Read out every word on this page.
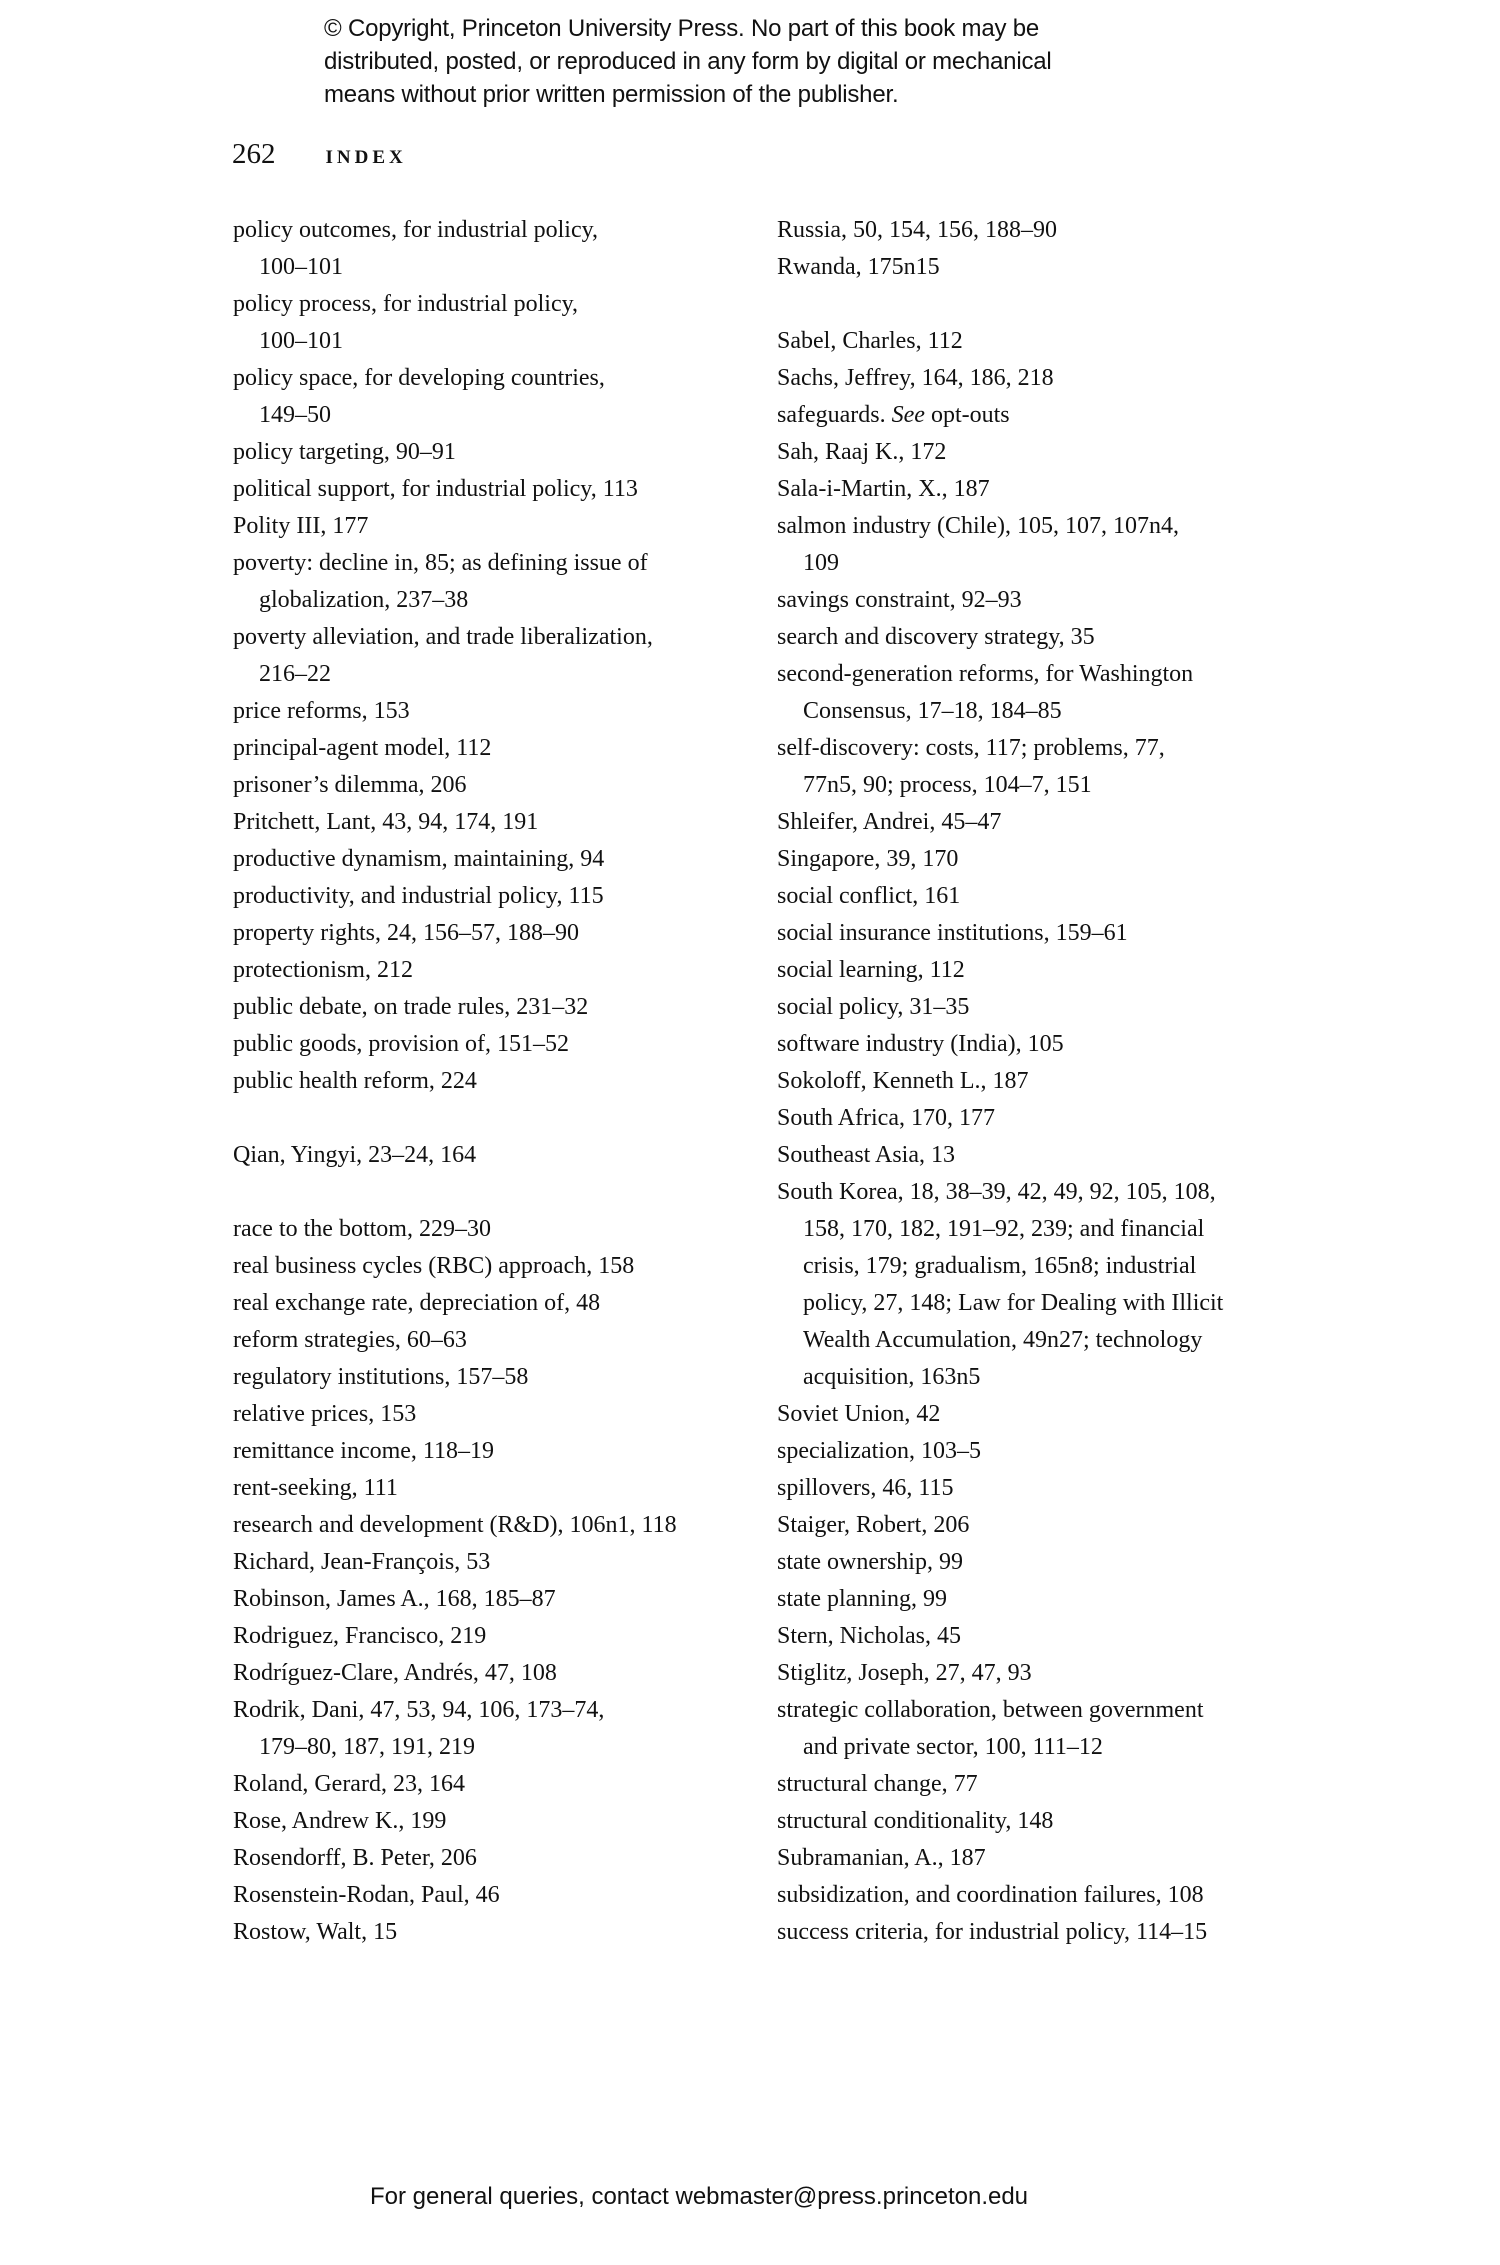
© Copyright, Princeton University Press. No part of this book may be
distributed, posted, or reproduced in any form by digital or mechanical
means without prior written permission of the publisher.
262	INDEX
policy outcomes, for industrial policy,
100–101
policy process, for industrial policy,
100–101
policy space, for developing countries,
149–50
policy targeting, 90–91
political support, for industrial policy, 113
Polity III, 177
poverty: decline in, 85; as defining issue of
globalization, 237–38
poverty alleviation, and trade liberalization,
216–22
price reforms, 153
principal-agent model, 112
prisoner’s dilemma, 206
Pritchett, Lant, 43, 94, 174, 191
productive dynamism, maintaining, 94
productivity, and industrial policy, 115
property rights, 24, 156–57, 188–90
protectionism, 212
public debate, on trade rules, 231–32
public goods, provision of, 151–52
public health reform, 224
Qian, Yingyi, 23–24, 164
race to the bottom, 229–30
real business cycles (RBC) approach, 158
real exchange rate, depreciation of, 48
reform strategies, 60–63
regulatory institutions, 157–58
relative prices, 153
remittance income, 118–19
rent-seeking, 111
research and development (R&D), 106n1, 118
Richard, Jean-François, 53
Robinson, James A., 168, 185–87
Rodriguez, Francisco, 219
Rodríguez-Clare, Andrés, 47, 108
Rodrik, Dani, 47, 53, 94, 106, 173–74,
179–80, 187, 191, 219
Roland, Gerard, 23, 164
Rose, Andrew K., 199
Rosendorff, B. Peter, 206
Rosenstein-Rodan, Paul, 46
Rostow, Walt, 15
Russia, 50, 154, 156, 188–90
Rwanda, 175n15
Sabel, Charles, 112
Sachs, Jeffrey, 164, 186, 218
safeguards. See opt-outs
Sah, Raaj K., 172
Sala-i-Martin, X., 187
salmon industry (Chile), 105, 107, 107n4,
109
savings constraint, 92–93
search and discovery strategy, 35
second-generation reforms, for Washington
Consensus, 17–18, 184–85
self-discovery: costs, 117; problems, 77,
77n5, 90; process, 104–7, 151
Shleifer, Andrei, 45–47
Singapore, 39, 170
social conflict, 161
social insurance institutions, 159–61
social learning, 112
social policy, 31–35
software industry (India), 105
Sokoloff, Kenneth L., 187
South Africa, 170, 177
Southeast Asia, 13
South Korea, 18, 38–39, 42, 49, 92, 105, 108,
158, 170, 182, 191–92, 239; and financial
crisis, 179; gradualism, 165n8; industrial
policy, 27, 148; Law for Dealing with Illicit
Wealth Accumulation, 49n27; technology
acquisition, 163n5
Soviet Union, 42
specialization, 103–5
spillovers, 46, 115
Staiger, Robert, 206
state ownership, 99
state planning, 99
Stern, Nicholas, 45
Stiglitz, Joseph, 27, 47, 93
strategic collaboration, between government
and private sector, 100, 111–12
structural change, 77
structural conditionality, 148
Subramanian, A., 187
subsidization, and coordination failures, 108
success criteria, for industrial policy, 114–15
For general queries, contact webmaster@press.princeton.edu
